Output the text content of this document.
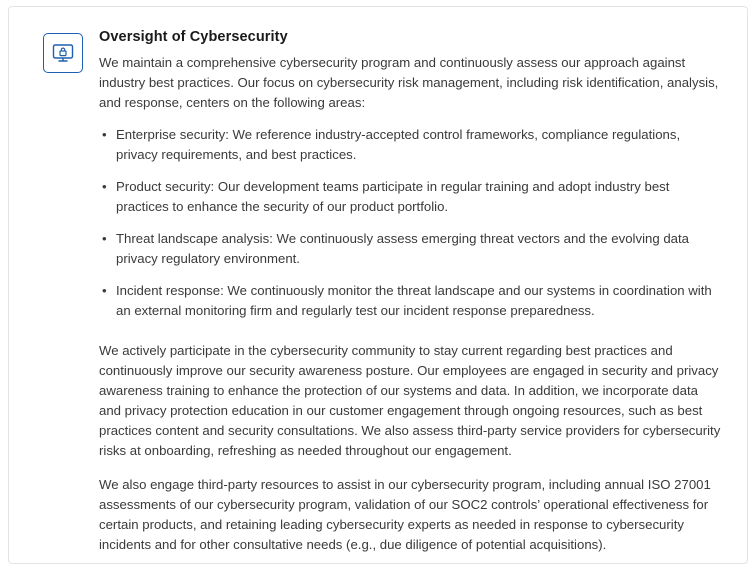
Oversight of Cybersecurity

We maintain a comprehensive cybersecurity program and continuously assess our approach against industry best practices. Our focus on cybersecurity risk management, including risk identification, analysis, and response, centers on the following areas:

• Enterprise security: We reference industry-accepted control frameworks, compliance regulations, privacy requirements, and best practices.
• Product security: Our development teams participate in regular training and adopt industry best practices to enhance the security of our product portfolio.
• Threat landscape analysis: We continuously assess emerging threat vectors and the evolving data privacy regulatory environment.
• Incident response: We continuously monitor the threat landscape and our systems in coordination with an external monitoring firm and regularly test our incident response preparedness.

We actively participate in the cybersecurity community to stay current regarding best practices and continuously improve our security awareness posture. Our employees are engaged in security and privacy awareness training to enhance the protection of our systems and data. In addition, we incorporate data and privacy protection education in our customer engagement through ongoing resources, such as best practices content and security consultations. We also assess third-party service providers for cybersecurity risks at onboarding, refreshing as needed throughout our engagement.

We also engage third-party resources to assist in our cybersecurity program, including annual ISO 27001 assessments of our cybersecurity program, validation of our SOC2 controls’ operational effectiveness for certain products, and retaining leading cybersecurity experts as needed in response to cybersecurity incidents and for other consultative needs (e.g., due diligence of potential acquisitions).
